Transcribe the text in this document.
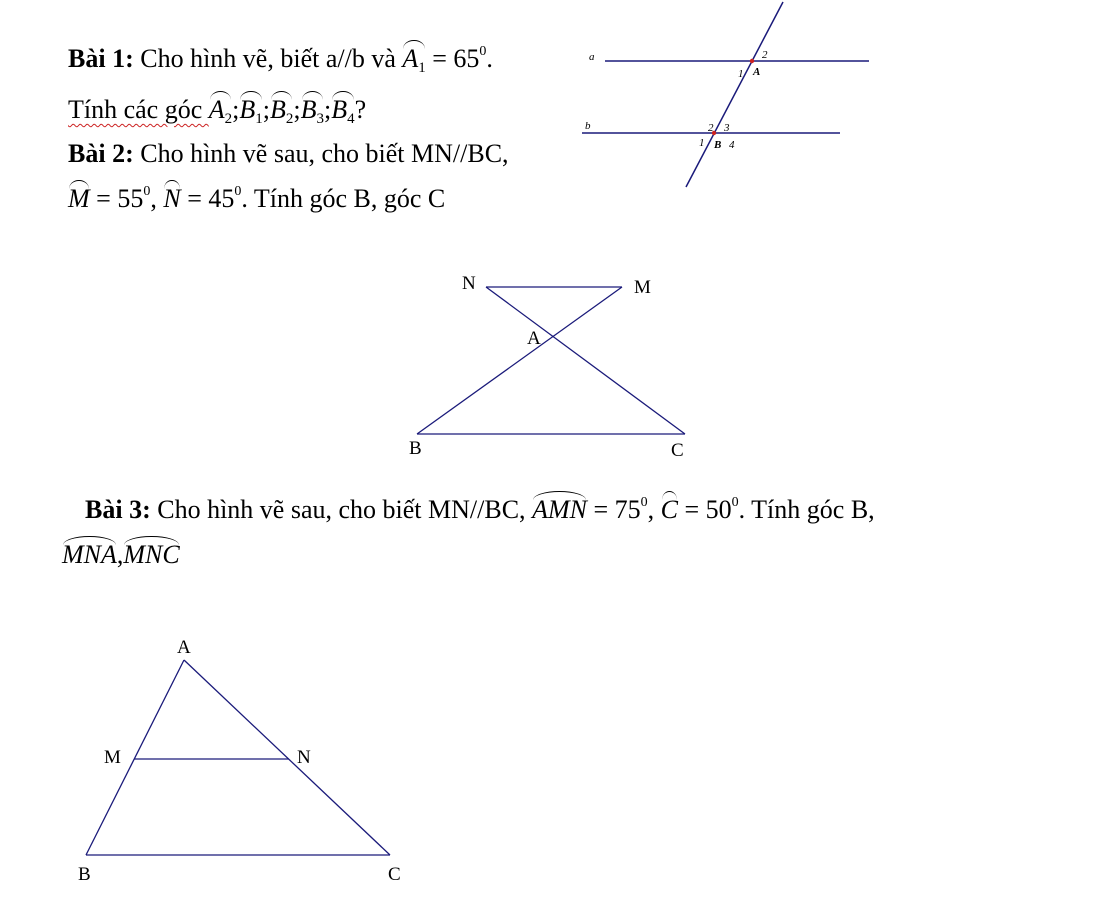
Bài 1: Cho hình vẽ, biết a//b và $A_1 = 65^0$.
Tính các góc $A_2;B_1;B_2;B_3;B_4$?
Bài 2: Cho hình vẽ sau, cho biết MN//BC,
$M = 55^0$, $N = 45^0$. Tính góc B, góc C
Bài 3: Cho hình vẽ sau, cho biết MN//BC, AMN = $75^0$, $C = 50^0$. Tính góc B,
MNA,MNC
a
b
1
2
A
2 3
1 B 4
N	M
A
B	C
A
M	N
B	C
